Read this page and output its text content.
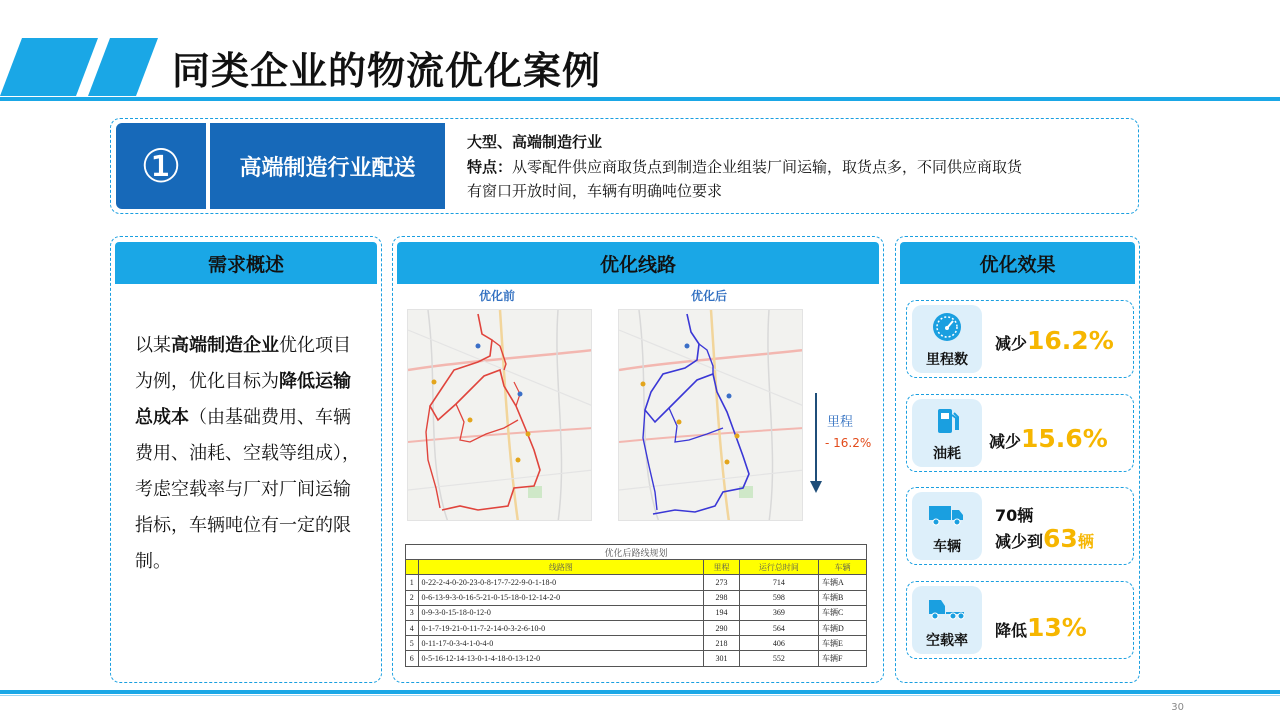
同类企业的物流优化案例
①	高端制造行业配送
大型、高端制造行业
特点：从零配件供应商取货点到制造企业组装厂间运输，取货点多，不同供应商取货
有窗口开放时间，车辆有明确吨位要求
需求概述
以某高端制造企业优化项目为例，优化目标为降低运输总成本（由基础费用、车辆费用、油耗、空载等组成），考虑空载率与厂对厂间运输指标，车辆吨位有一定的限制。
优化线路
优化前	优化后
里程
- 16.2%
优化后路线规划				
	线路图	里程	运行总时间	车辆
1	0-22-2-4-0-20-23-0-8-17-7-22-9-0-1-18-0	273	714	车辆A
2	0-6-13-9-3-0-16-5-21-0-15-18-0-12-14-2-0	298	598	车辆B
3	0-9-3-0-15-18-0-12-0	194	369	车辆C
4	0-1-7-19-21-0-11-7-2-14-0-3-2-6-10-0	290	564	车辆D
5	0-11-17-0-3-4-1-0-4-0	218	406	车辆E
6	0-5-16-12-14-13-0-1-4-18-0-13-12-0	301	552	车辆F
优化效果
里程数
减少16.2%
油耗
减少15.6%
车辆
70辆
减少到63辆
空载率
降低13%
30
